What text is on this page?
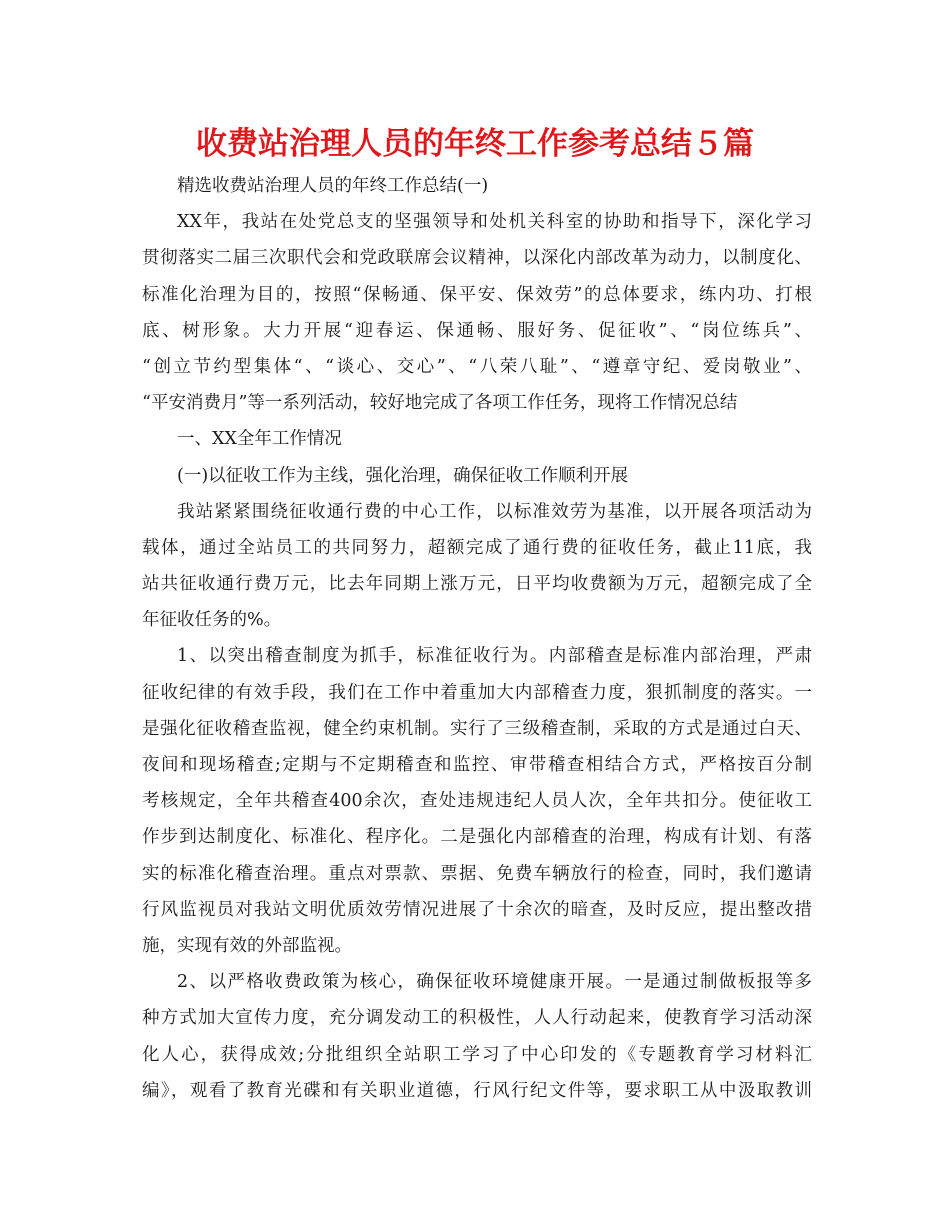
收费站治理人员的年终工作参考总结５篇
精选收费站治理人员的年终工作总结(一)
XX年，我站在处党总支的坚强领导和处机关科室的协助和指导下，深化学习
贯彻落实二届三次职代会和党政联席会议精神，以深化内部改革为动力，以制度化、
标准化治理为目的，按照“保畅通、保平安、保效劳”的总体要求，练内功、打根
底、树形象。大力开展“迎春运、保通畅、服好务、促征收”、“岗位练兵”、
“创立节约型集体“、“谈心、交心”、“八荣八耻”、“遵章守纪、爱岗敬业”、
“平安消费月”等一系列活动，较好地完成了各项工作任务，现将工作情况总结
一、XX全年工作情况
(一)以征收工作为主线，强化治理，确保征收工作顺利开展
我站紧紧围绕征收通行费的中心工作，以标准效劳为基准，以开展各项活动为
载体，通过全站员工的共同努力，超额完成了通行费的征收任务，截止11底，我
站共征收通行费万元，比去年同期上涨万元，日平均收费额为万元，超额完成了全
年征收任务的%。
1、以突出稽查制度为抓手，标准征收行为。内部稽查是标准内部治理，严肃
征收纪律的有效手段，我们在工作中着重加大内部稽查力度，狠抓制度的落实。一
是强化征收稽查监视，健全约束机制。实行了三级稽查制，采取的方式是通过白天、
夜间和现场稽查;定期与不定期稽查和监控、审带稽查相结合方式，严格按百分制
考核规定，全年共稽查400余次，查处违规违纪人员人次，全年共扣分。使征收工
作步到达制度化、标准化、程序化。二是强化内部稽查的治理，构成有计划、有落
实的标准化稽查治理。重点对票款、票据、免费车辆放行的检查，同时，我们邀请
行风监视员对我站文明优质效劳情况进展了十余次的暗查，及时反应，提出整改措
施，实现有效的外部监视。
2、以严格收费政策为核心，确保征收环境健康开展。一是通过制做板报等多
种方式加大宣传力度，充分调发动工的积极性，人人行动起来，使教育学习活动深
化人心，获得成效;分批组织全站职工学习了中心印发的《专题教育学习材料汇
编》，观看了教育光碟和有关职业道德，行风行纪文件等，要求职工从中汲取教训
